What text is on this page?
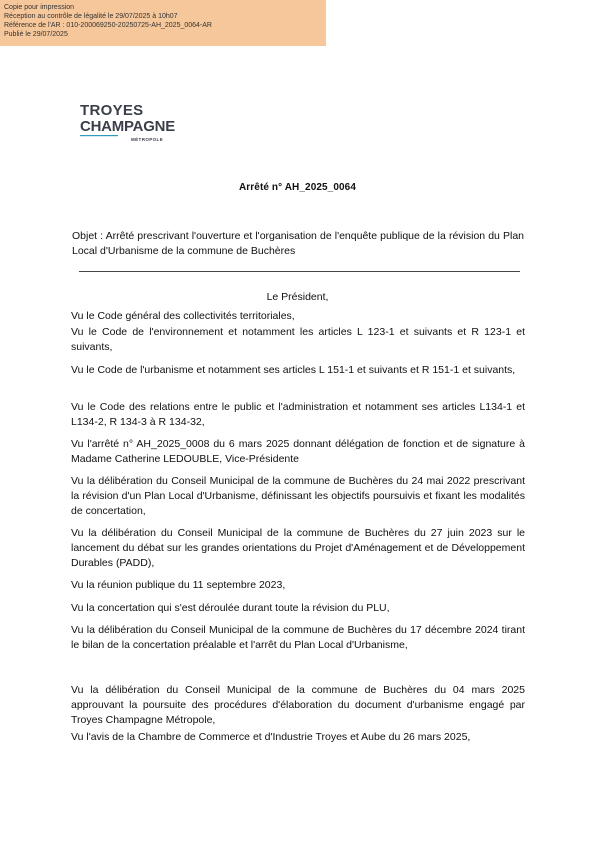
Copie pour impression
Réception au contrôle de légalité le 29/07/2025 à 10h07
Référence de l'AR : 010-200069250-20250725-AH_2025_0064-AR
Publié le 29/07/2025
TROYES
CHAMPAGNE
MÉTROPOLE
Arrêté n° AH_2025_0064
Objet : Arrêté prescrivant l'ouverture et l'organisation de l'enquête publique de la révision du Plan Local d'Urbanisme de la commune de Buchères
Le Président,
Vu le Code général des collectivités territoriales,
Vu le Code de l'environnement et notamment les articles L 123-1 et suivants et R 123-1 et suivants,
Vu le Code de l'urbanisme et notamment ses articles L 151-1 et suivants et R 151-1 et suivants,
Vu le Code des relations entre le public et l'administration et notamment ses articles L134-1 et L134-2, R 134-3 à R 134-32,
Vu l'arrêté n° AH_2025_0008 du 6 mars 2025 donnant délégation de fonction et de signature à Madame Catherine LEDOUBLE, Vice-Présidente
Vu la délibération du Conseil Municipal de la commune de Buchères du 24 mai 2022 prescrivant la révision d'un Plan Local d'Urbanisme, définissant les objectifs poursuivis et fixant les modalités de concertation,
Vu la délibération du Conseil Municipal de la commune de Buchères du 27 juin 2023 sur le lancement du débat sur les grandes orientations du Projet d'Aménagement et de Développement Durables (PADD),
Vu la réunion publique du 11 septembre 2023,
Vu la concertation qui s'est déroulée durant toute la révision du PLU,
Vu la délibération du Conseil Municipal de la commune de Buchères du 17 décembre 2024 tirant le bilan de la concertation préalable et l'arrêt du Plan Local d'Urbanisme,
Vu la délibération du Conseil Municipal de la commune de Buchères du 04 mars 2025 approuvant la poursuite des procédures d'élaboration du document d'urbanisme engagé par Troyes Champagne Métropole,
Vu l'avis de la Chambre de Commerce et d'Industrie Troyes et Aube du 26 mars 2025,
